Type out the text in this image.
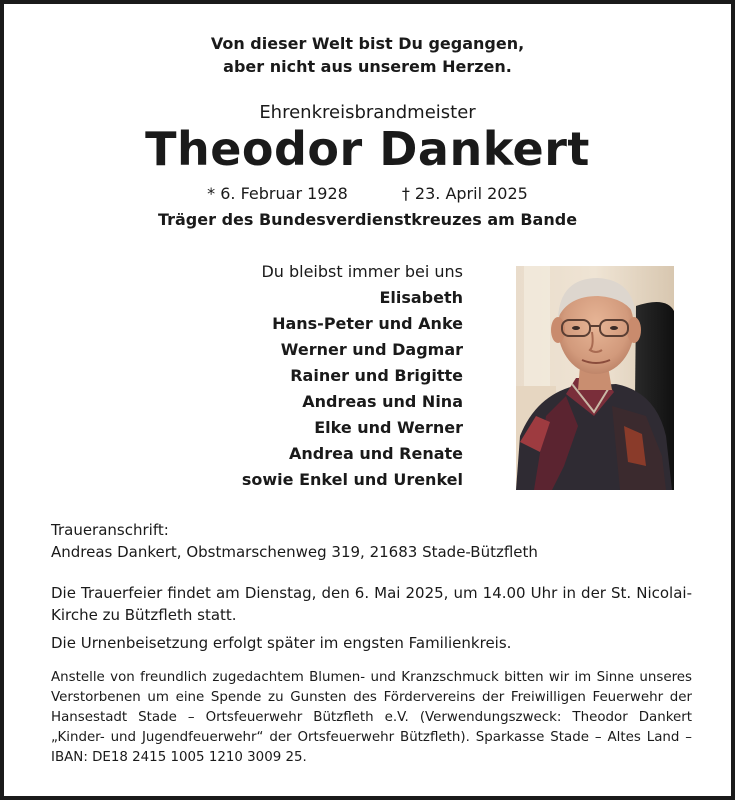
Von dieser Welt bist Du gegangen,
aber nicht aus unserem Herzen.
Ehrenkreisbrandmeister
Theodor Dankert
* 6. Februar 1928	† 23. April 2025
Träger des Bundesverdienstkreuzes am Bande
Du bleibst immer bei uns
Elisabeth
Hans-Peter und Anke
Werner und Dagmar
Rainer und Brigitte
Andreas und Nina
Elke und Werner
Andrea und Renate
sowie Enkel und Urenkel
Traueranschrift:
Andreas Dankert, Obstmarschenweg 319, 21683 Stade-Bützfleth
Die Trauerfeier findet am Dienstag, den 6. Mai 2025, um 14.00 Uhr in der St. Nicolai-Kirche zu Bützfleth statt.
Die Urnenbeisetzung erfolgt später im engsten Familienkreis.
Anstelle von freundlich zugedachtem Blumen- und Kranzschmuck bitten wir im Sinne unseres Verstorbenen um eine Spende zu Gunsten des Fördervereins der Freiwilligen Feuerwehr der Hansestadt Stade – Ortsfeuerwehr Bützfleth e.V. (Verwendungszweck: Theodor Dankert „Kinder- und Jugendfeuerwehr“ der Ortsfeuerwehr Bützfleth). Sparkasse Stade – Altes Land – IBAN: DE18 2415 1005 1210 3009 25.
